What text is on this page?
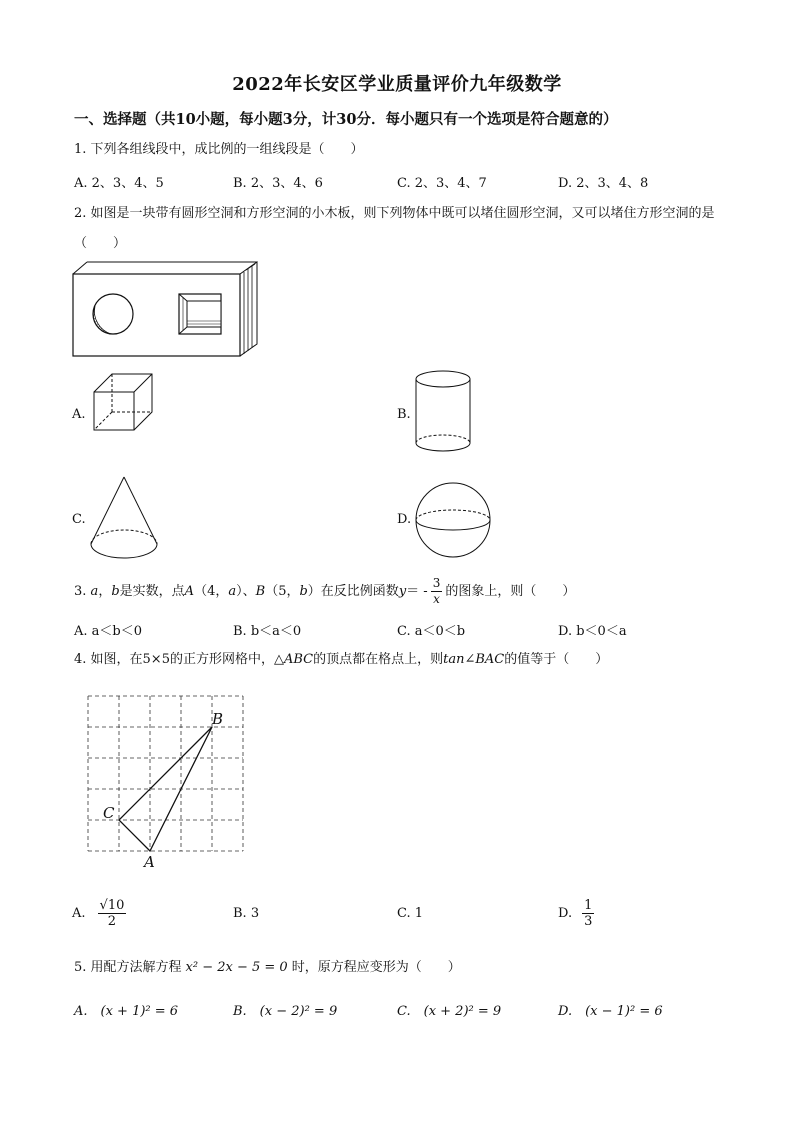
2022年长安区学业质量评价九年级数学
一、选择题（共10小题，每小题3分，计30分．每小题只有一个选项是符合题意的）
1. 下列各组线段中，成比例的一组线段是（　　）
A. 2、3、4、5	B. 2、3、4、6	C. 2、3、4、7	D. 2、3、4、8
2. 如图是一块带有圆形空洞和方形空洞的小木板，则下列物体中既可以堵住圆形空洞，又可以堵住方形空洞的是（　　）
A.	B.
C.	D.
3. a，b是实数，点A（4，a）、B（5，b）在反比例函数$y= - \frac{3}{x}$ 的图象上，则（　　）
A. a＜b＜0	B. b＜a＜0	C. a＜0＜b	D. b＜0＜a
4. 如图，在5×5的正方形网格中，△ABC的顶点都在格点上，则tan∠BAC的值等于（　　）
A
B
C
A. $\frac{√10}{2}$	B. 3	C. 1	D. $\frac{1}{3}$
5. 用配方法解方程 x² − 2x − 5 = 0 时，原方程应变形为（　　）
A.　(x + 1)² = 6	B.　(x − 2)² = 9	C.　(x + 2)² = 9	D.　(x − 1)² = 6
